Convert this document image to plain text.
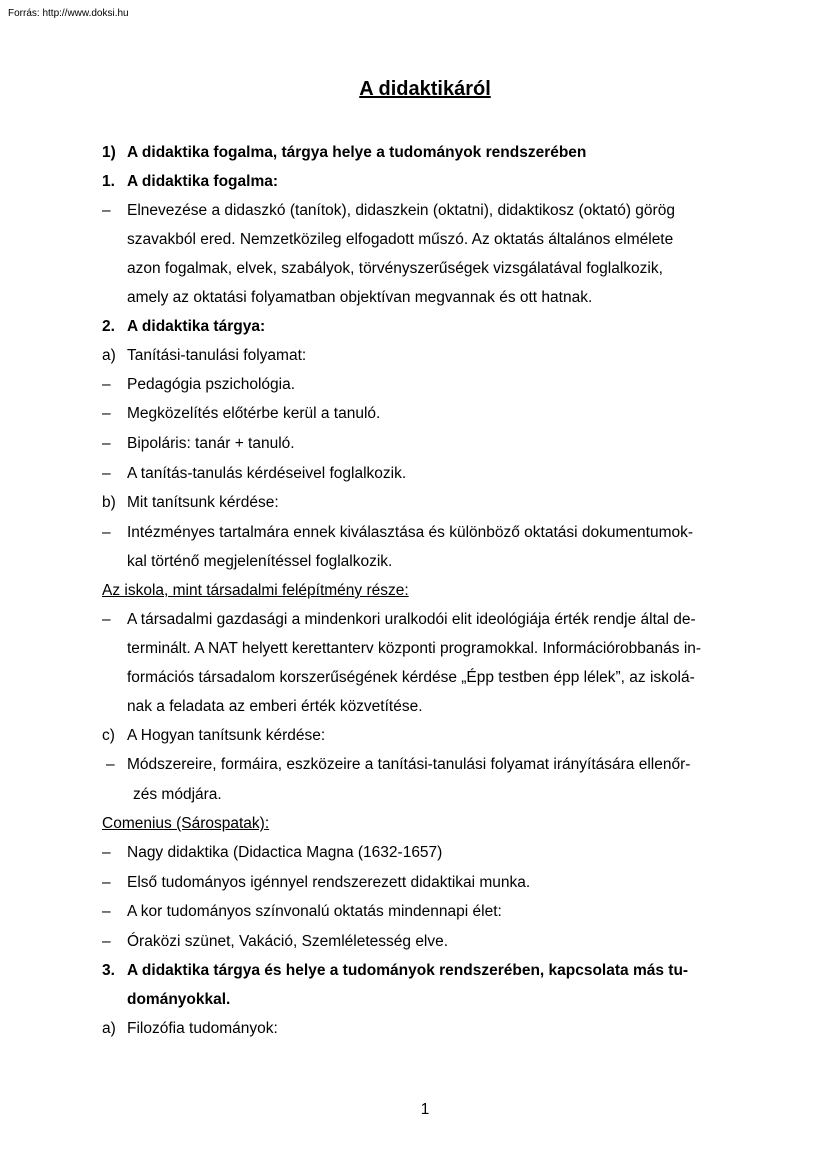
Forrás: http://www.doksi.hu
A didaktikáról
1) A didaktika fogalma, tárgya helye a tudományok rendszerében
1. A didaktika fogalma:
– Elnevezése a didaszkó (tanítok), didaszkein (oktatni), didaktikosz (oktató) görög
szavakból ered. Nemzetközileg elfogadott műszó. Az oktatás általános elmélete
azon fogalmak, elvek, szabályok, törvényszerűségek vizsgálatával foglalkozik,
amely az oktatási folyamatban objektívan megvannak és ott hatnak.
2. A didaktika tárgya:
a) Tanítási-tanulási folyamat:
– Pedagógia pszichológia.
– Megközelítés előtérbe kerül a tanuló.
– Bipoláris: tanár + tanuló.
– A tanítás-tanulás kérdéseivel foglalkozik.
b) Mit tanítsunk kérdése:
– Intézményes tartalmára ennek kiválasztása és különböző oktatási dokumentumok-
kal történő megjelenítéssel foglalkozik.
Az iskola, mint társadalmi felépítmény része:
– A társadalmi gazdasági a mindenkori uralkodói elit ideológiája érték rendje által de-
terminált. A NAT helyett kerettanterv központi programokkal. Információrobbanás in-
formációs társadalom korszerűségének kérdése „Épp testben épp lélek”, az iskolá-
nak a feladata az emberi érték közvetítése.
c) A Hogyan tanítsunk kérdése:
– Módszereire, formáira, eszközeire a tanítási-tanulási folyamat irányítására ellenőr-
zés módjára.
Comenius (Sárospatak):
– Nagy didaktika (Didactica Magna (1632-1657)
– Első tudományos igénnyel rendszerezett didaktikai munka.
– A kor tudományos színvonalú oktatás mindennapi élet:
– Óraközi szünet, Vakáció, Szemléletesség elve.
3. A didaktika tárgya és helye a tudományok rendszerében, kapcsolata más tu-
dományokkal.
a) Filozófia tudományok:
1
